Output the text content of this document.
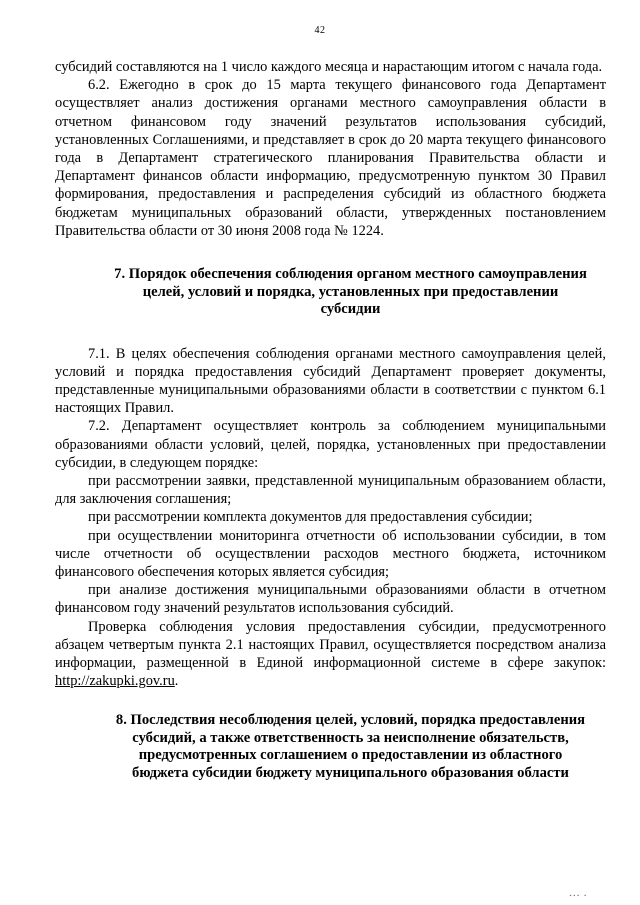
42

субсидий составляются на 1 число каждого месяца и нарастающим итогом с начала года.

6.2. Ежегодно в срок до 15 марта текущего финансового года Департамент осуществляет анализ достижения органами местного самоуправления области в отчетном финансовом году значений результатов использования субсидий, установленных Соглашениями, и представляет в срок до 20 марта текущего финансового года в Департамент стратегического планирования Правительства области и Департамент финансов области информацию, предусмотренную пунктом 30 Правил формирования, предоставления и распределения субсидий из областного бюджета бюджетам муниципальных образований области, утвержденных постановлением Правительства области от 30 июня 2008 года № 1224.

7. Порядок обеспечения соблюдения органом местного самоуправления
целей, условий и порядка, установленных при предоставлении
субсидии

7.1. В целях обеспечения соблюдения органами местного самоуправления целей, условий и порядка предоставления субсидий Департамент проверяет документы, представленные муниципальными образованиями области в соответствии с пунктом 6.1 настоящих Правил.

7.2. Департамент осуществляет контроль за соблюдением муниципальными образованиями области условий, целей, порядка, установленных при предоставлении субсидии, в следующем порядке:

при рассмотрении заявки, представленной муниципальным образованием области, для заключения соглашения;

при рассмотрении комплекта документов для предоставления субсидии;

при осуществлении мониторинга отчетности об использовании субсидии, в том числе отчетности об осуществлении расходов местного бюджета, источником финансового обеспечения которых является субсидия;

при анализе достижения муниципальными образованиями области в отчетном финансовом году значений результатов использования субсидий.

Проверка соблюдения условия предоставления субсидии, предусмотренного абзацем четвертым пункта 2.1 настоящих Правил, осуществляется посредством анализа информации, размещенной в Единой информационной системе в сфере закупок: http://zakupki.gov.ru.

8. Последствия несоблюдения целей, условий, порядка предоставления
субсидий, а также ответственность за неисполнение обязательств,
предусмотренных соглашением о предоставлении из областного
бюджета субсидии бюджету муниципального образования области
▪▪▪ ▪
